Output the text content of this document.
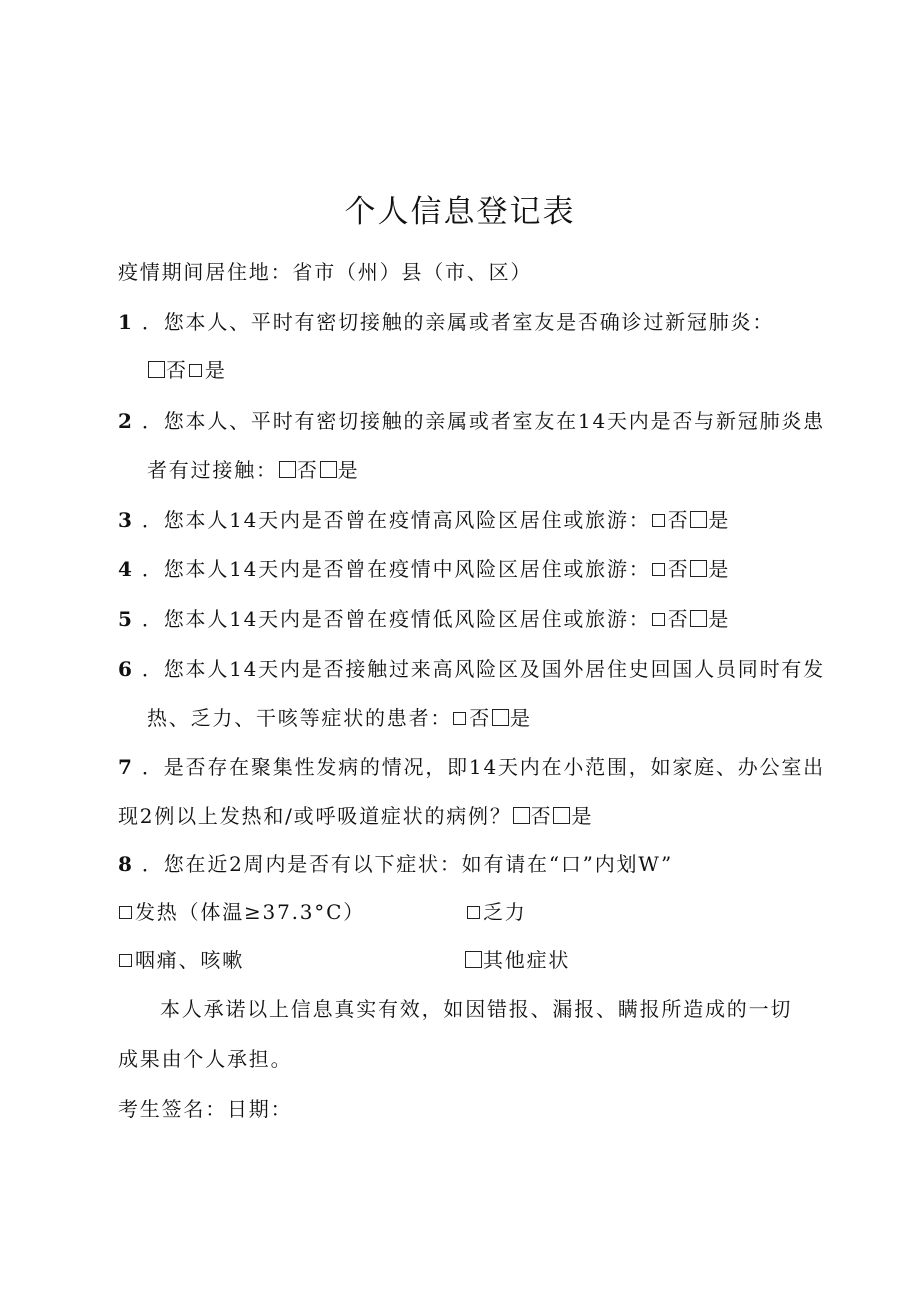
个人信息登记表
疫情期间居住地：省市（州）县（市、区）
1 ．您本人、平时有密切接触的亲属或者室友是否确诊过新冠肺炎：
否 是
2 ．您本人、平时有密切接触的亲属或者室友在14天内是否与新冠肺炎患
者有过接触： 否 是
3 ．您本人14天内是否曾在疫情高风险区居住或旅游： 否 是
4 ．您本人14天内是否曾在疫情中风险区居住或旅游： 否 是
5 ．您本人14天内是否曾在疫情低风险区居住或旅游： 否 是
6 ．您本人14天内是否接触过来高风险区及国外居住史回国人员同时有发
热、乏力、干咳等症状的患者： 否 是
7 ．是否存在聚集性发病的情况，即14天内在小范围，如家庭、办公室出
现2例以上发热和/或呼吸道症状的病例？ 否 是
8 ．您在近2周内是否有以下症状：如有请在“口”内划W”
发热（体温≥37.3°C）	乏力
咽痛、咳嗽	其他症状
本人承诺以上信息真实有效，如因错报、漏报、瞒报所造成的一切
成果由个人承担。
考生签名：日期：
